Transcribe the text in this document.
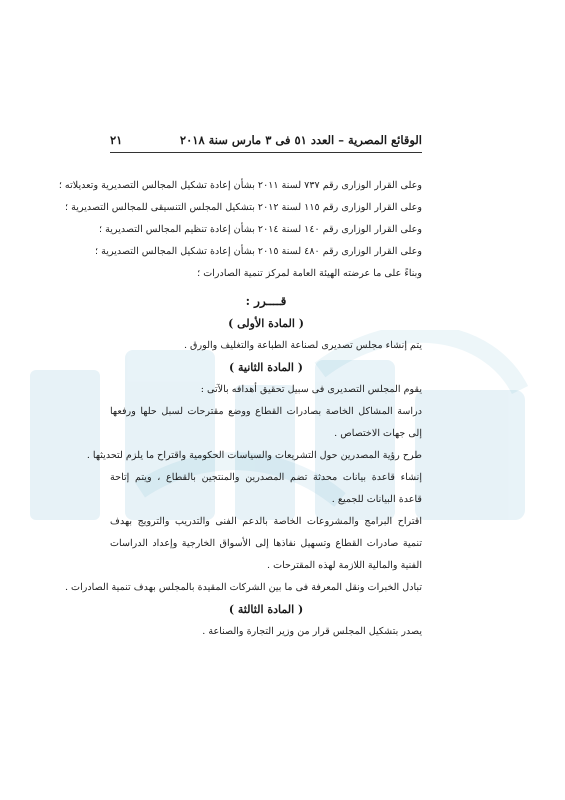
الوقائع المصرية – العدد ٥١ فى ٣ مارس سنة ٢٠١٨
٢١
وعلى القرار الوزارى رقم ٧٣٧ لسنة ٢٠١١ بشأن إعادة تشكيل المجالس التصديرية وتعديلاته ؛
وعلى القرار الوزارى رقم ١١٥ لسنة ٢٠١٢ بتشكيل المجلس التنسيقى للمجالس التصديرية ؛
وعلى القرار الوزارى رقم ١٤٠ لسنة ٢٠١٤ بشأن إعادة تنظيم المجالس التصديرية ؛
وعلى القرار الوزارى رقم ٤٨٠ لسنة ٢٠١٥ بشأن إعادة تشكيل المجالس التصديرية ؛
وبناءً على ما عرضته الهيئة العامة لمركز تنمية الصادرات ؛
قــــرر :
( المادة الأولى )
يتم إنشاء مجلس تصديرى لصناعة الطباعة والتغليف والورق .
( المادة الثانية )
يقوم المجلس التصديرى فى سبيل تحقيق أهدافه بالآتى :
دراسة المشاكل الخاصة بصادرات القطاع ووضع مقترحات لسبل حلها ورفعها إلى جهات الاختصاص .
طرح رؤية المصدرين حول التشريعات والسياسات الحكومية واقتراح ما يلزم لتحديثها .
إنشاء قاعدة بيانات محدثة تضم المصدرين والمنتجين بالقطاع ، ويتم إتاحة قاعدة البيانات للجميع .
اقتراح البرامج والمشروعات الخاصة بالدعم الفنى والتدريب والترويج بهدف تنمية صادرات القطاع وتسهيل نفاذها إلى الأسواق الخارجية وإعداد الدراسات الفنية والمالية اللازمة لهذه المقترحات .
تبادل الخبرات ونقل المعرفة فى ما بين الشركات المقيدة بالمجلس بهدف تنمية الصادرات .
( المادة الثالثة )
يصدر بتشكيل المجلس قرار من وزير التجارة والصناعة .
